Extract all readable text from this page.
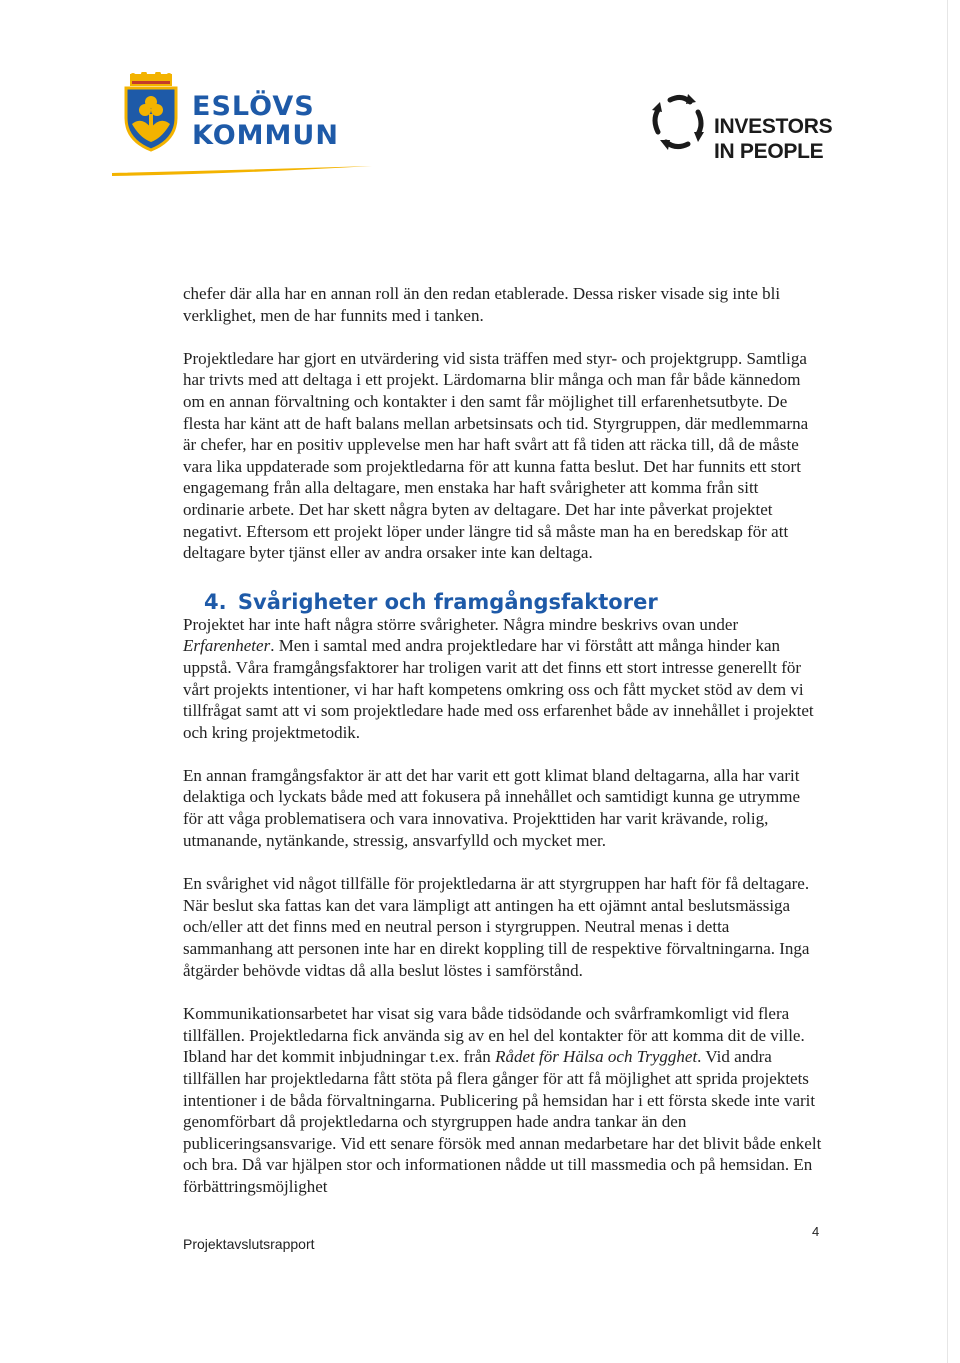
ESLÖVS
KOMMUN	INVESTORS
IN PEOPLE

chefer där alla har en annan roll än den redan etablerade. Dessa risker visade sig inte bli verklighet, men de har funnits med i tanken.

Projektledare har gjort en utvärdering vid sista träffen med styr- och projektgrupp. Samtliga har trivts med att deltaga i ett projekt. Lärdomarna blir många och man får både kännedom om en annan förvaltning och kontakter i den samt får möjlighet till erfarenhetsutbyte. De flesta har känt att de haft balans mellan arbetsinsats och tid. Styrgruppen, där medlemmarna är chefer, har en positiv upplevelse men har haft svårt att få tiden att räcka till, då de måste vara lika uppdaterade som projektledarna för att kunna fatta beslut. Det har funnits ett stort engagemang från alla deltagare, men enstaka har haft svårigheter att komma från sitt ordinarie arbete. Det har skett några byten av deltagare. Det har inte påverkat projektet negativt. Eftersom ett projekt löper under längre tid så måste man ha en beredskap för att deltagare byter tjänst eller av andra orsaker inte kan deltaga.

4. Svårigheter och framgångsfaktorer

Projektet har inte haft några större svårigheter. Några mindre beskrivs ovan under Erfarenheter. Men i samtal med andra projektledare har vi förstått att många hinder kan uppstå. Våra framgångsfaktorer har troligen varit att det finns ett stort intresse generellt för vårt projekts intentioner, vi har haft kompetens omkring oss och fått mycket stöd av dem vi tillfrågat samt att vi som projektledare hade med oss erfarenhet både av innehållet i projektet och kring projektmetodik.

En annan framgångsfaktor är att det har varit ett gott klimat bland deltagarna, alla har varit delaktiga och lyckats både med att fokusera på innehållet och samtidigt kunna ge utrymme för att våga problematisera och vara innovativa. Projekttiden har varit krävande, rolig, utmanande, nytänkande, stressig, ansvarfylld och mycket mer.

En svårighet vid något tillfälle för projektledarna är att styrgruppen har haft för få deltagare. När beslut ska fattas kan det vara lämpligt att antingen ha ett ojämnt antal beslutsmässiga och/eller att det finns med en neutral person i styrgruppen. Neutral menas i detta sammanhang att personen inte har en direkt koppling till de respektive förvaltningarna. Inga åtgärder behövde vidtas då alla beslut löstes i samförstånd.

Kommunikationsarbetet har visat sig vara både tidsödande och svårframkomligt vid flera tillfällen. Projektledarna fick använda sig av en hel del kontakter för att komma dit de ville. Ibland har det kommit inbjudningar t.ex. från Rådet för Hälsa och Trygghet. Vid andra tillfällen har projektledarna fått stöta på flera gånger för att få möjlighet att sprida projektets intentioner i de båda förvaltningarna. Publicering på hemsidan har i ett första skede inte varit genomförbart då projektledarna och styrgruppen hade andra tankar än den publiceringsansvarige. Vid ett senare försök med annan medarbetare har det blivit både enkelt och bra. Då var hjälpen stor och informationen nådde ut till massmedia och på hemsidan. En förbättringsmöjlighet

Projektavslutsrapport
4
